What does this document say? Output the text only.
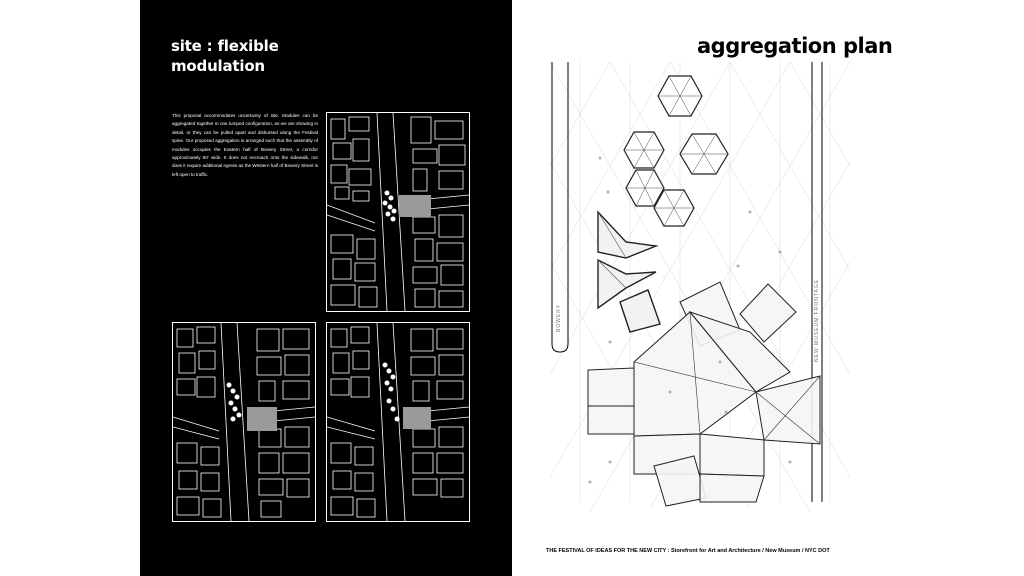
site : flexible
modulation
This proposal accommodates uncertainty of site. Modules can be aggregated together in one lumped configuration, as we are showing in detail, or they can be pulled apart and disbursed along the Festival spine. Our proposed aggregation is arranged such that the assembly of modules occupies the Eastern half of Bowery Street, a corridor approximately 50' wide. It does not encroach onto the sidewalk, nor does it require additional egress as the Western half of Bowery Street is left open to traffic.
aggregation plan
BOWERY	NEW MUSEUM FRONTAGE
THE FESTIVAL OF IDEAS FOR THE NEW CITY : Storefront for Art and Architecture / New Museum / NYC DOT
